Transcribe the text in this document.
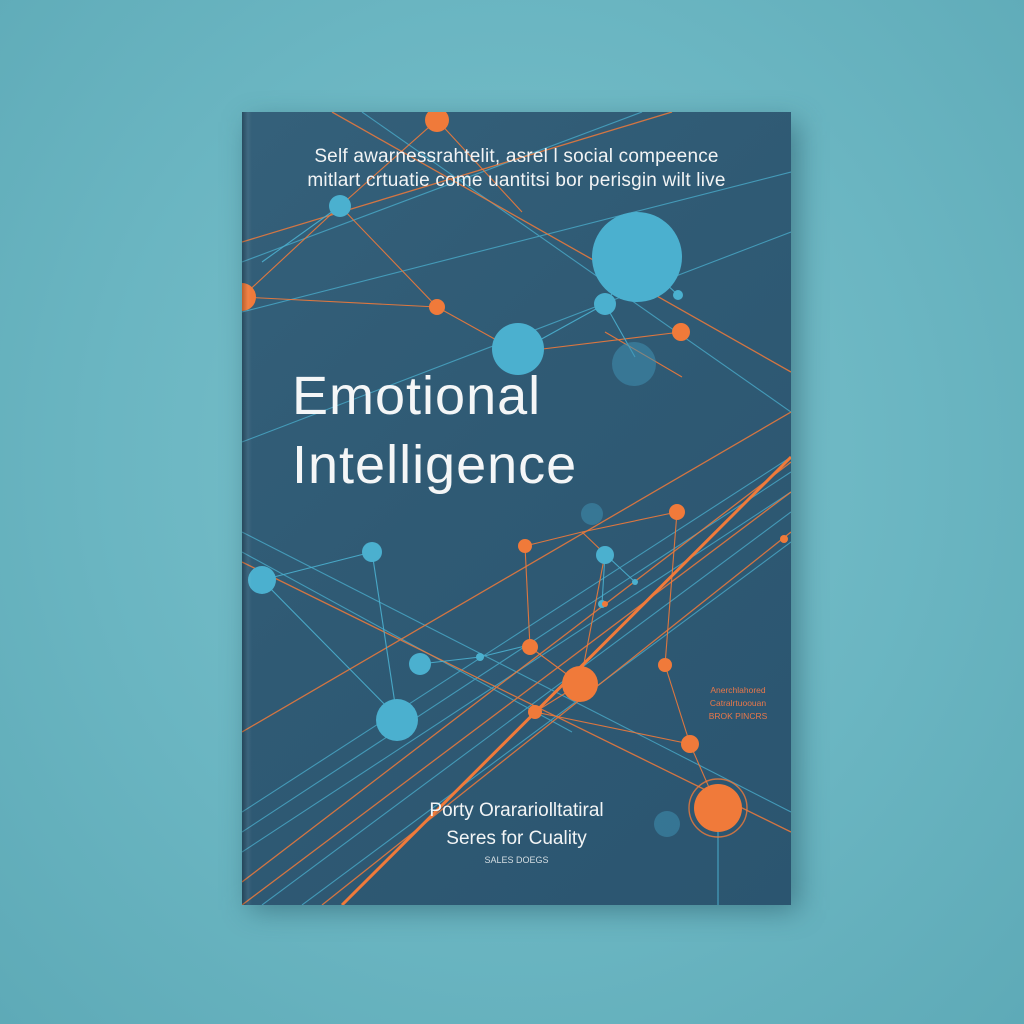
Self awarnessrahtelit, asrel l social compeence
mitlart crtuatie come uantitsi bor perisgin wilt live
Emotional
Intelligence
Anerchlahored
Catralrtuoouan
BROK PINCRS
Porty Orarariolltatiral
Seres for Cuality
SALES DOEGS
